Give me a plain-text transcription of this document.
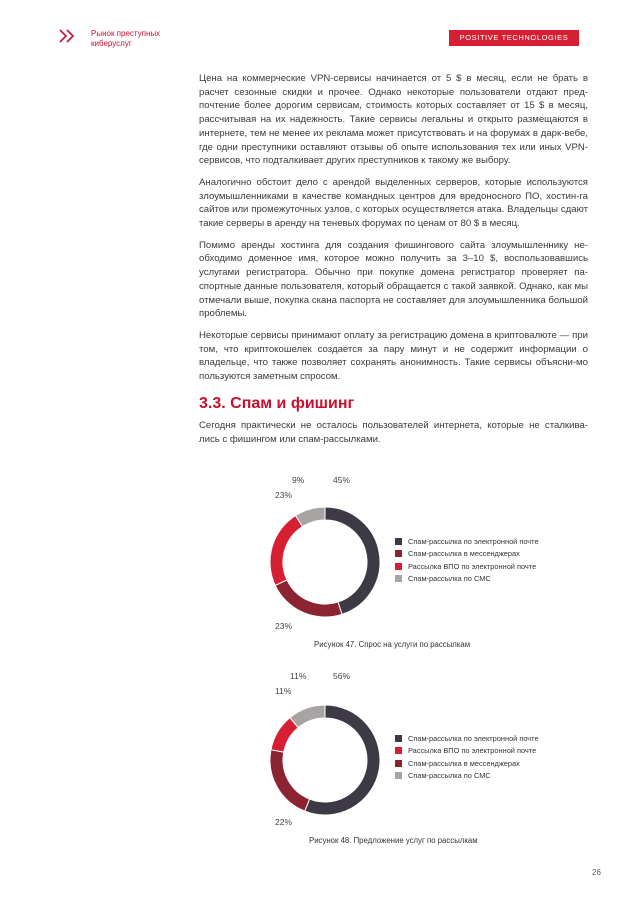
Рынок преступных киберуслуг
POSITIVE TECHNOLOGIES

Цена на коммерческие VPN-сервисы начинается от 5 $ в месяц, если не брать в расчет сезонные скидки и прочее. Однако некоторые пользователи отдают пред-почтение более дорогим сервисам, стоимость которых составляет от 15 $ в месяц, рассчитывая на их надежность. Такие сервисы легальны и открыто размещаются в интернете, тем не менее их реклама может присутствовать и на форумах в дарк-вебе, где одни преступники оставляют отзывы об опыте использования тех или иных VPN-сервисов, что подталкивает других преступников к такому же выбору.

Аналогично обстоит дело с арендой выделенных серверов, которые используются злоумышленниками в качестве командных центров для вредоносного ПО, хостин-га сайтов или промежуточных узлов, с которых осуществляется атака. Владельцы сдают такие серверы в аренду на теневых форумах по ценам от 80 $ в месяц.

Помимо аренды хостинга для создания фишингового сайта злоумышленнику не-обходимо доменное имя, которое можно получить за 3–10 $, воспользовавшись услугами регистратора. Обычно при покупке домена регистратор проверяет па-спортные данные пользователя, который обращается с такой заявкой. Однако, как мы отмечали выше, покупка скана паспорта не составляет для злоумышленника большой проблемы.

Некоторые сервисы принимают оплату за регистрацию домена в криптовалюте — при том, что криптокошелек создается за пару минут и не содержит информации о владельце, что также позволяет сохранять анонимность. Такие сервисы объясни-мо пользуются заметным спросом.

3.3. Спам и фишинг
Сегодня практически не осталось пользователей интернета, которые не сталкива-лись с фишингом или спам-рассылками.
45%
9%
23%
23%
Спам-рассылка по электронной почте
Спам-рассылка в мессенджерах
Рассылка ВПО по электронной почте
Спам-рассылка по СМС
Рисунок 47. Спрос на услуги по рассылкам
56%
11%
11%
22%
Спам-рассылка по электронной почте
Рассылка ВПО по электронной почте
Спам-рассылка в мессенджерах
Спам-рассылка по СМС
Рисунок 48. Предложение услуг по рассылкам
26
